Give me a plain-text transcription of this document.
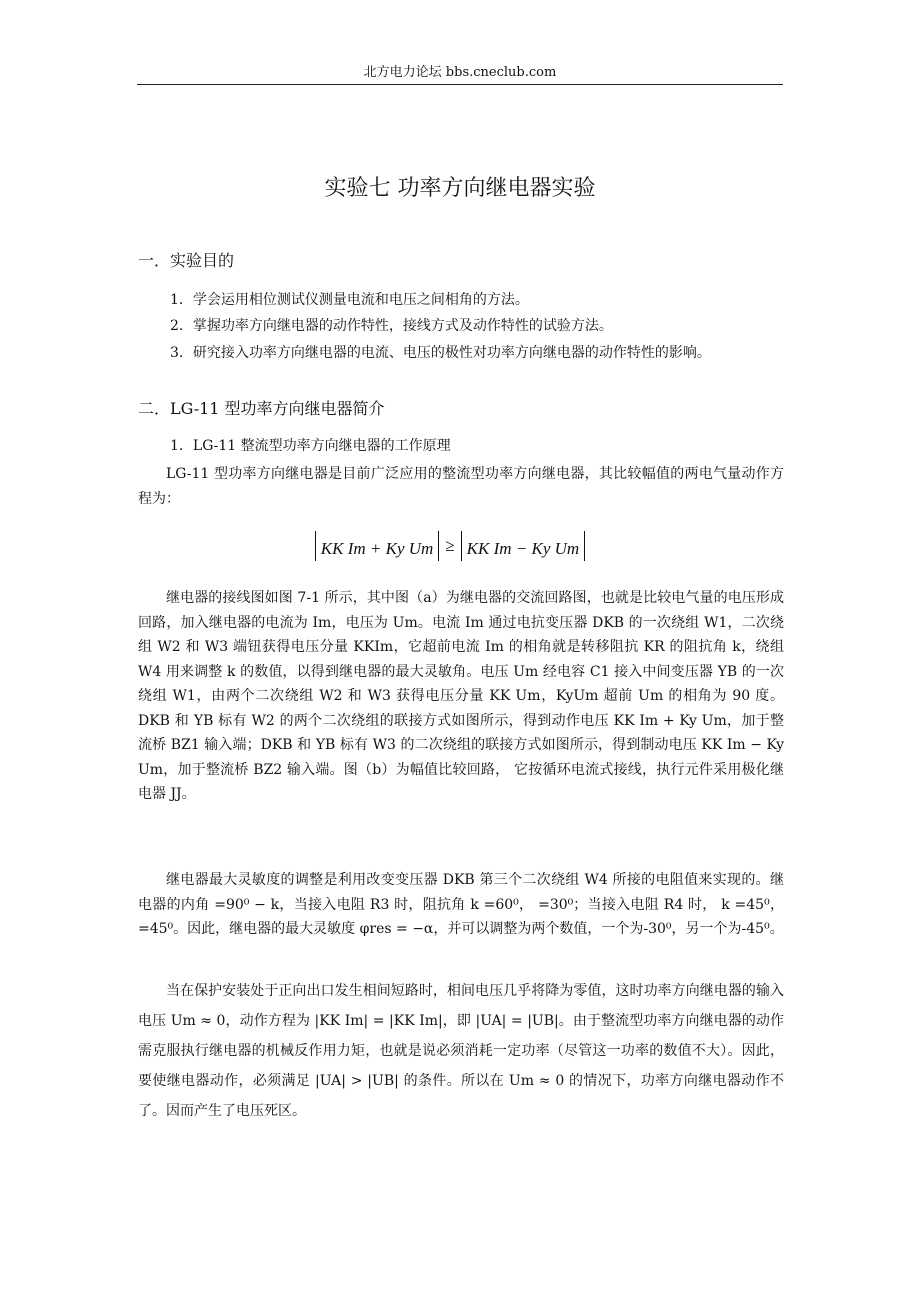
北方电力论坛 bbs.cneclub.com
实验七 功率方向继电器实验
一．实验目的
1．学会运用相位测试仪测量电流和电压之间相角的方法。
2．掌握功率方向继电器的动作特性，接线方式及动作特性的试验方法。
3．研究接入功率方向继电器的电流、电压的极性对功率方向继电器的动作特性的影响。
二．LG-11 型功率方向继电器简介
1．LG-11 整流型功率方向继电器的工作原理
LG-11 型功率方向继电器是目前广泛应用的整流型功率方向继电器，其比较幅值的两电气量动作方程为：
KK Im + Ky Um ≥ KK Im − Ky Um
继电器的接线图如图 7-1 所示，其中图（a）为继电器的交流回路图，也就是比较电气量的电压形成回路，加入继电器的电流为 Im，电压为 Um。电流 Im 通过电抗变压器 DKB 的一次绕组 W1，二次绕组 W2 和 W3 端钮获得电压分量 KKIm，它超前电流 Im 的相角就是转移阻抗 KR 的阻抗角 k，绕组 W4 用来调整 k 的数值，以得到继电器的最大灵敏角。电压 Um 经电容 C1 接入中间变压器 YB 的一次绕组 W1，由两个二次绕组 W2 和 W3 获得电压分量 KK Um，KyUm 超前 Um 的相角为 90 度。DKB 和 YB 标有 W2 的两个二次绕组的联接方式如图所示，得到动作电压 KK Im + Ky Um，加于整流桥 BZ1 输入端；DKB 和 YB 标有 W3 的二次绕组的联接方式如图所示，得到制动电压 KK Im − Ky Um，加于整流桥 BZ2 输入端。图（b）为幅值比较回路， 它按循环电流式接线，执行元件采用极化继电器 JJ。
继电器最大灵敏度的调整是利用改变变压器 DKB 第三个二次绕组 W4 所接的电阻值来实现的。继电器的内角 =90⁰ − k，当接入电阻 R3 时，阻抗角 k =60⁰， =30⁰；当接入电阻 R4 时， k =45⁰， =45⁰。因此，继电器的最大灵敏度 φres = −α，并可以调整为两个数值，一个为-30⁰，另一个为-45⁰。
当在保护安装处于正向出口发生相间短路时，相间电压几乎将降为零值，这时功率方向继电器的输入电压 Um ≈ 0，动作方程为 |KK Im| = |KK Im|，即 |UA| = |UB|。由于整流型功率方向继电器的动作需克服执行继电器的机械反作用力矩，也就是说必须消耗一定功率（尽管这一功率的数值不大）。因此，要使继电器动作，必须满足 |UA| > |UB| 的条件。所以在 Um ≈ 0 的情况下，功率方向继电器动作不了。因而产生了电压死区。
